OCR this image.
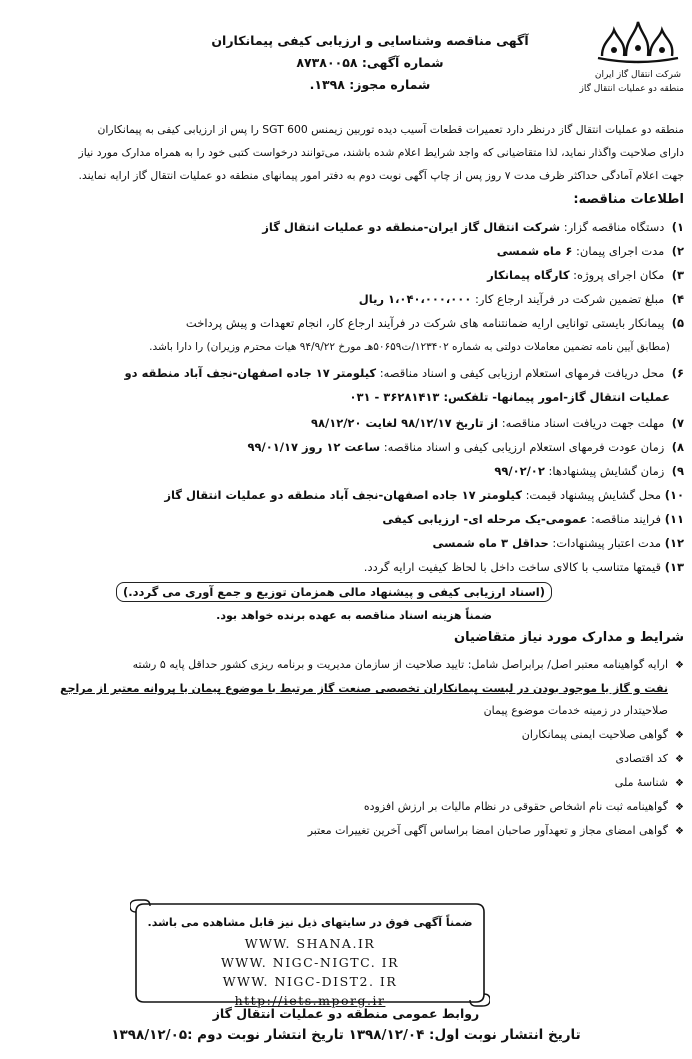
شرکت انتقال گاز ایران
منطقه دو عملیات انتقال گاز
آگهی مناقصه وشناسایی و ارزیابی کیفی پیمانکاران
شماره آگهی: ۸۷۳۸۰۰۵۸
شماره مجوز: ۱۳۹۸.
منطقه دو عملیات انتقال گاز درنظر دارد تعمیرات قطعات آسیب دیده توربین زیمنس SGT 600 را پس از ارزیابی کیفی به پیمانکاران
دارای صلاحیت واگذار نماید، لذا متقاضیانی که واجد شرایط اعلام شده باشند، می‌توانند درخواست کتبی خود را به همراه مدارک مورد نیاز
جهت اعلام آمادگی حداکثر ظرف مدت ۷ روز پس از چاپ آگهی نوبت دوم به دفتر امور پیمانهای منطقه دو عملیات انتقال گاز ارایه نمایند.
اطلاعات مناقصه:
۱) دستگاه مناقصه گزار: شرکت انتقال گاز ایران-منطقه دو عملیات انتقال گاز
۲) مدت اجرای پیمان: ۶ ماه شمسی
۳) مکان اجرای پروژه: کارگاه پیمانکار
۴) مبلغ تضمین شرکت در فرآیند ارجاع کار: ۱،۰۴۰،۰۰۰،۰۰۰ ریال
۵) پیمانکار بایستی توانایی ارایه ضمانتنامه های شرکت در فرآیند ارجاع کار، انجام تعهدات و پیش پرداخت
(مطابق آیین نامه تضمین معاملات دولتی به شماره ۱۲۳۴۰۲/ت۵۰۶۵۹هـ مورخ ۹۴/۹/۲۲ هیات محترم وزیران) را دارا باشد.
۶) محل دریافت فرمهای استعلام ارزیابی کیفی و اسناد مناقصه: کیلومتر ۱۷ جاده اصفهان-نجف آباد منطقه دو
عملیات انتقال گاز-امور پیمانها- تلفکس: ۳۶۲۸۱۴۱۳ - ۰۳۱
۷) مهلت جهت دریافت اسناد مناقصه: از تاریخ ۹۸/۱۲/۱۷ لغایت ۹۸/۱۲/۲۰
۸) زمان عودت فرمهای استعلام ارزیابی کیفی و اسناد مناقصه: ساعت ۱۲ روز ۹۹/۰۱/۱۷
۹) زمان گشایش پیشنهادها: ۹۹/۰۲/۰۲
۱۰) محل گشایش پیشنهاد قیمت: کیلومتر ۱۷ جاده اصفهان-نجف آباد منطقه دو عملیات انتقال گاز
۱۱) فرایند مناقصه: عمومی-یک مرحله ای- ارزیابی کیفی
۱۲) مدت اعتبار پیشنهادات: حداقل ۳ ماه شمسی
۱۳) قیمتها متناسب با کالای ساخت داخل با لحاظ کیفیت ارایه گردد.
(اسناد ارزیابی کیفی و پیشنهاد مالی همزمان توزیع و جمع آوری می گردد.)
ضمناً هزینه اسناد مناقصه به عهده برنده خواهد بود.
شرایط و مدارک مورد نیاز متقاضیان
❖ارایه گواهینامه معتبر اصل/ برابراصل شامل: تایید صلاحیت از سازمان مدیریت و برنامه ریزی کشور حداقل پایه ۵ رشته
نفت و گاز یا موجود بودن در لیست پیمانکاران تخصصی صنعت گاز مرتبط با موضوع پیمان یا پروانه معتبر از مراجع
صلاحیتدار در زمینه خدمات موضوع پیمان
❖گواهی صلاحیت ایمنی پیمانکاران
❖کد اقتصادی
❖شناسهٔ ملی
❖گواهینامه ثبت نام اشخاص حقوقی در نظام مالیات بر ارزش افزوده
❖گواهی امضای مجاز و تعهدآور صاحبان امضا براساس آگهی آخرین تغییرات معتبر
ضمناً آگهی فوق در سایتهای ذیل نیز قابل مشاهده می باشد.
WWW. SHANA.IR
WWW. NIGC-NIGTC. IR
WWW. NIGC-DIST2. IR
http://iets.mporg.ir
روابط عمومی منطقه دو عملیات انتقال گاز
تاریخ انتشار نوبت اول: ۱۳۹۸/۱۲/۰۴ تاریخ انتشار نوبت دوم :۱۳۹۸/۱۲/۰۵
